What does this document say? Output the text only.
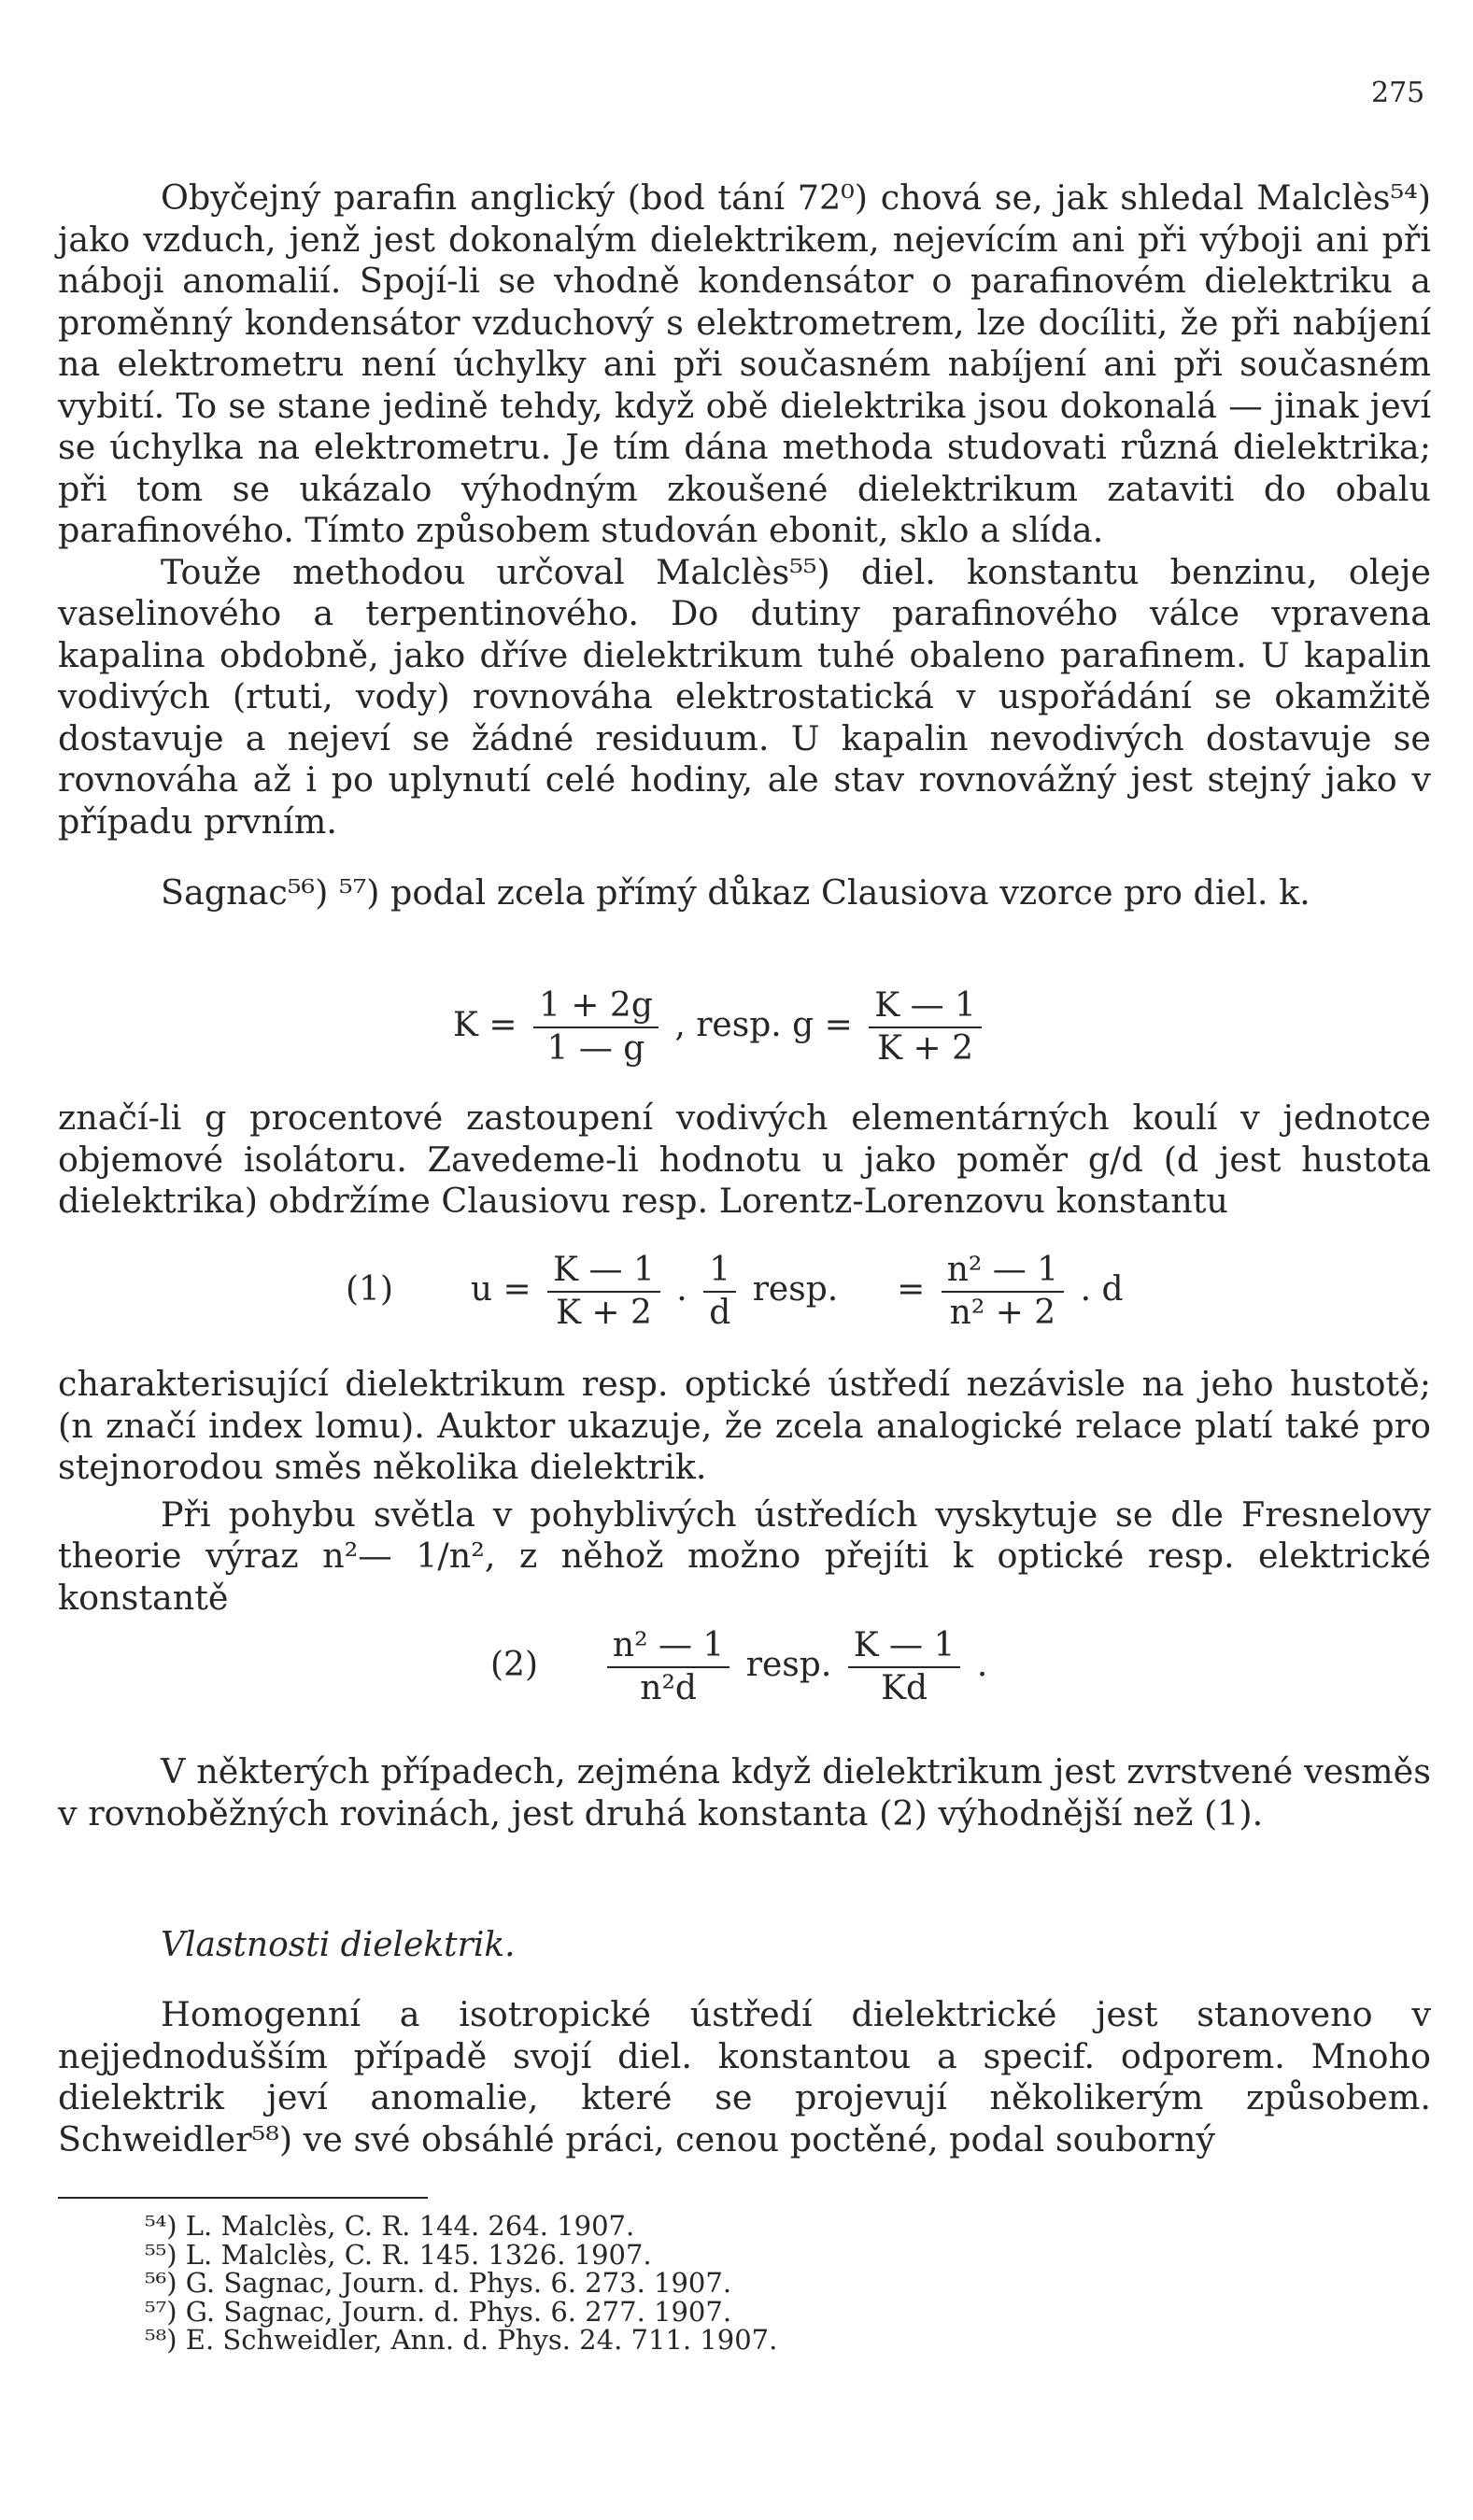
275

Obyčejný parafin anglický (bod tání 72⁰) chová se, jak shledal Malclès⁵⁴) jako vzduch, jenž jest dokonalým dielektrikem, nejevícím ani při výboji ani při náboji anomalií. Spojí-li se vhodně kondensátor o parafinovém dielektriku a proměnný kondensátor vzduchový s elektrometrem, lze docíliti, že při nabíjení na elektrometru není úchylky ani při současném nabíjení ani při současném vybití. To se stane jedině tehdy, když obě dielektrika jsou dokonalá — jinak jeví se úchylka na elektrometru. Je tím dána methoda studovati různá dielektrika; při tom se ukázalo výhodným zkoušené dielektrikum zataviti do obalu parafinového. Tímto způsobem studován ebonit, sklo a slída.

Touže methodou určoval Malclès⁵⁵) diel. konstantu benzinu, oleje vaselinového a terpentinového. Do dutiny parafinového válce vpravena kapalina obdobně, jako dříve dielektrikum tuhé obaleno parafinem. U kapalin vodivých (rtuti, vody) rovnováha elektrostatická v uspořádání se okamžitě dostavuje a nejeví se žádné residuum. U kapalin nevodivých dostavuje se rovnováha až i po uplynutí celé hodiny, ale stav rovnovážný jest stejný jako v případu prvním.

Sagnac⁵⁶) ⁵⁷) podal zcela přímý důkaz Clausiova vzorce pro diel. k.

$K = \frac{1 + 2g}{1 — g}$ , resp. $g = \frac{K — 1}{K + 2}$

značí-li g procentové zastoupení vodivých elementárných koulí v jednotce objemové isolátoru. Zavedeme-li hodnotu u jako poměr g/d (d jest hustota dielektrika) obdržíme Clausiovu resp. Lorentz-Lorenzovu konstantu

(1) $u = \frac{K — 1}{K + 2}$ . $\frac{1}{d}$ resp. = $\frac{\text{n² — 1}}{\text{n² + 2}}$ . d

charakterisující dielektrikum resp. optické ústředí nezávisle na jeho hustotě; (n značí index lomu). Auktor ukazuje, že zcela analogické relace platí také pro stejnorodou směs několika dielektrik.

Při pohybu světla v pohyblivých ústředích vyskytuje se dle Fresnelovy theorie výraz n²— 1/n², z něhož možno přejíti k optické resp. elektrické konstantě

$(2) \frac{\text{n² — 1}}{\text{n²d}}$ resp. $\frac{K — 1}{Kd}$ .

V některých případech, zejména když dielektrikum jest zvrstvené vesměs v rovnoběžných rovinách, jest druhá konstanta (2) výhodnější než (1).

Vlastnosti dielektrik.

Homogenní a isotropické ústředí dielektrické jest stanoveno v nejjednodušším případě svojí diel. konstantou a specif. odporem. Mnoho dielektrik jeví anomalie, které se projevují několikerým způsobem. Schweidler⁵⁸) ve své obsáhlé práci, cenou poctěné, podal souborný

⁵⁴) L. Malclès, C. R. 144. 264. 1907.
⁵⁵) L. Malclès, C. R. 145. 1326. 1907.
⁵⁶) G. Sagnac, Journ. d. Phys. 6. 273. 1907.
⁵⁷) G. Sagnac, Journ. d. Phys. 6. 277. 1907.
⁵⁸) E. Schweidler, Ann. d. Phys. 24. 711. 1907.
